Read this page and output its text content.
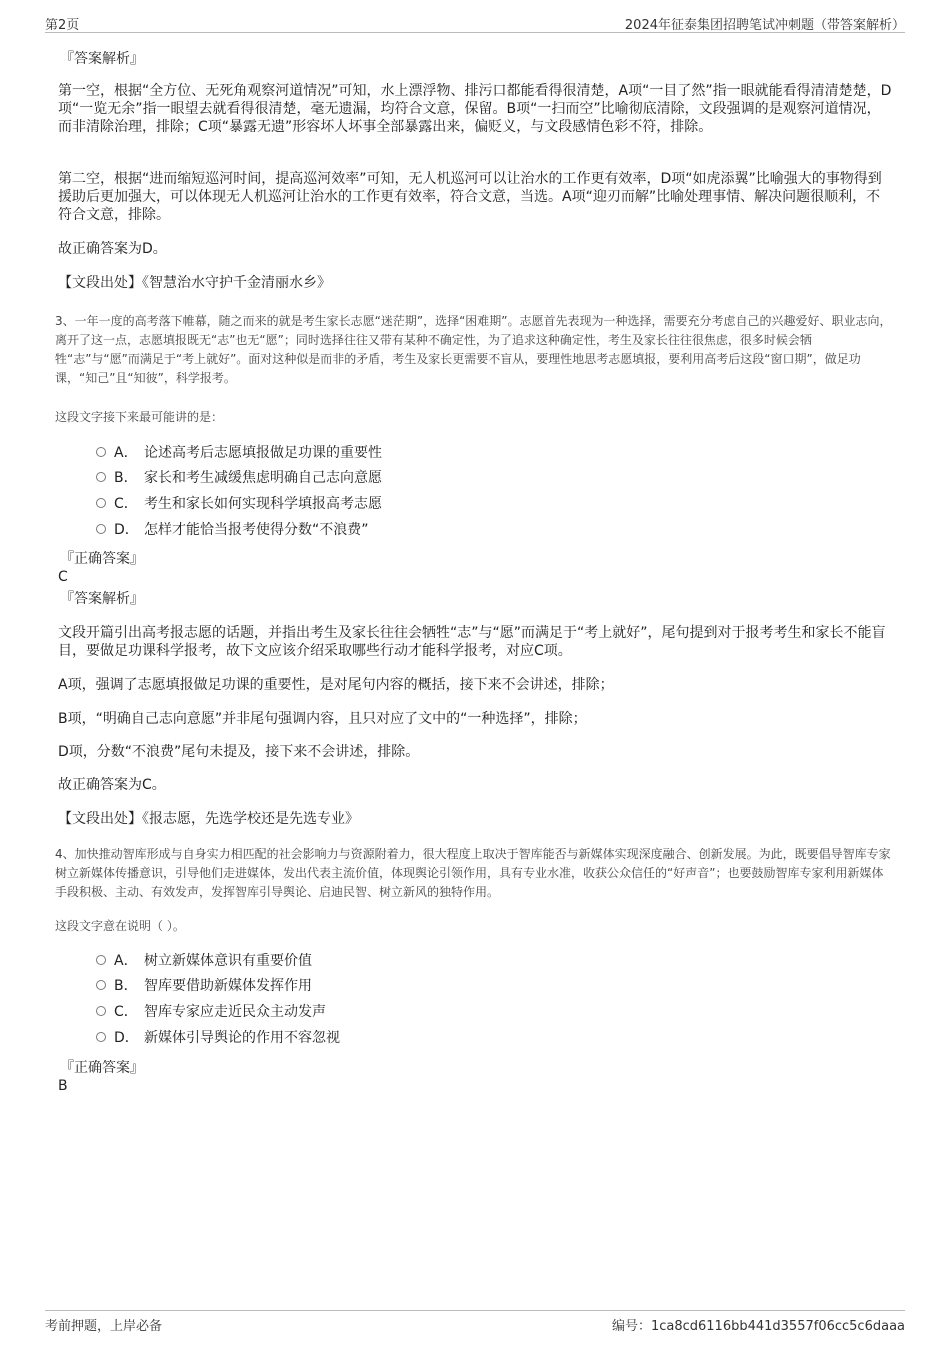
第2页	2024年征泰集团招聘笔试冲刺题（带答案解析）
『答案解析』
第一空，根据“全方位、无死角观察河道情况”可知，水上漂浮物、排污口都能看得很清楚，A项“一目了然”指一眼就能看得清清楚楚，D项“一览无余”指一眼望去就看得很清楚，毫无遗漏，均符合文意，保留。B项“一扫而空”比喻彻底清除，文段强调的是观察河道情况，而非清除治理，排除；C项“暴露无遗”形容坏人坏事全部暴露出来，偏贬义，与文段感情色彩不符，排除。
第二空，根据“进而缩短巡河时间，提高巡河效率”可知，无人机巡河可以让治水的工作更有效率，D项“如虎添翼”比喻强大的事物得到援助后更加强大，可以体现无人机巡河让治水的工作更有效率，符合文意，当选。A项“迎刃而解”比喻处理事情、解决问题很顺利，不符合文意，排除。
故正确答案为D。
【文段出处】《智慧治水守护千金清丽水乡》
3、一年一度的高考落下帷幕，随之而来的就是考生家长志愿“迷茫期”，选择“困难期”。志愿首先表现为一种选择，需要充分考虑自己的兴趣爱好、职业志向，离开了这一点，志愿填报既无“志”也无“愿”；同时选择往往又带有某种不确定性，为了追求这种确定性，考生及家长往往很焦虑，很多时候会牺牲“志”与“愿”而满足于“考上就好”。面对这种似是而非的矛盾，考生及家长更需要不盲从，要理性地思考志愿填报，要利用高考后这段“窗口期”，做足功课，“知己”且“知彼”，科学报考。
这段文字接下来最可能讲的是：
A． 论述高考后志愿填报做足功课的重要性
B． 家长和考生减缓焦虑明确自己志向意愿
C． 考生和家长如何实现科学填报高考志愿
D． 怎样才能恰当报考使得分数“不浪费”
『正确答案』
C
『答案解析』
文段开篇引出高考报志愿的话题，并指出考生及家长往往会牺牲“志”与“愿”而满足于“考上就好”，尾句提到对于报考考生和家长不能盲目，要做足功课科学报考，故下文应该介绍采取哪些行动才能科学报考，对应C项。
A项，强调了志愿填报做足功课的重要性，是对尾句内容的概括，接下来不会讲述，排除；
B项，“明确自己志向意愿”并非尾句强调内容，且只对应了文中的“一种选择”，排除；
D项，分数“不浪费”尾句未提及，接下来不会讲述，排除。
故正确答案为C。
【文段出处】《报志愿，先选学校还是先选专业》
4、加快推动智库形成与自身实力相匹配的社会影响力与资源附着力，很大程度上取决于智库能否与新媒体实现深度融合、创新发展。为此，既要倡导智库专家树立新媒体传播意识，引导他们走进媒体，发出代表主流价值，体现舆论引领作用，具有专业水准，收获公众信任的“好声音”；也要鼓励智库专家利用新媒体手段积极、主动、有效发声，发挥智库引导舆论、启迪民智、树立新风的独特作用。
这段文字意在说明（ ）。
A． 树立新媒体意识有重要价值
B． 智库要借助新媒体发挥作用
C． 智库专家应走近民众主动发声
D． 新媒体引导舆论的作用不容忽视
『正确答案』
B
考前押题，上岸必备	编号：1ca8cd6116bb441d3557f06cc5c6daaa
